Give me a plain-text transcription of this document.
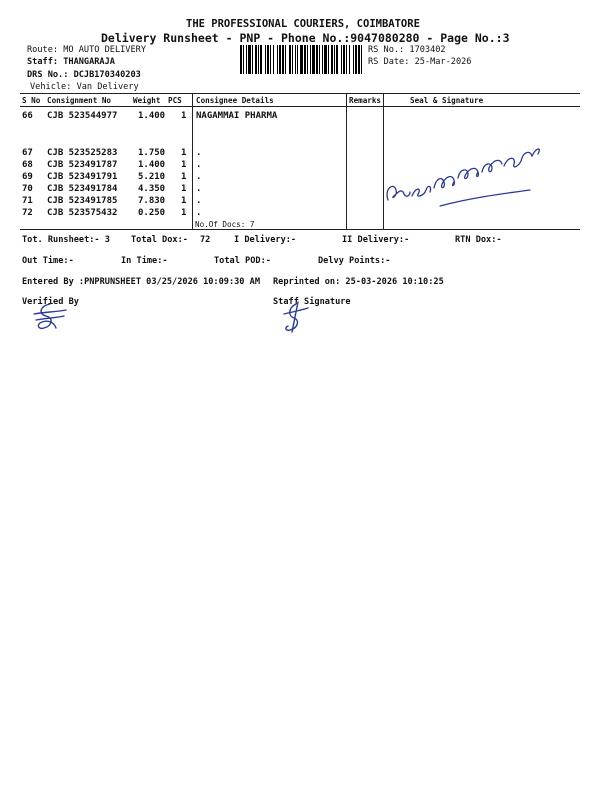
THE PROFESSIONAL COURIERS, COIMBATORE
Delivery Runsheet - PNP - Phone No.:9047080280 - Page No.:3
Route: MO AUTO DELIVERY
Staff: THANGARAJA
DRS No.: DCJB170340203
Vehicle: Van Delivery
RS No.: 1703402
RS Date: 25-Mar-2026
S No Consignment No	Weight PCS Consignee Details	Remarks	Seal & Signature
66 CJB 523544977 1.400 1 NAGAMMAI PHARMA
67 CJB 523525283 1.750 1 .
68 CJB 523491787 1.400 1 .
69 CJB 523491791 5.210 1 .
70 CJB 523491784 4.350 1 .
71 CJB 523491785 7.830 1 .
72 CJB 523575432 0.250 1 .
No.Of Docs: 7
Tot. Runsheet:- 3 Total Dox:- 72	I Delivery:-	II Delivery:-	RTN Dox:-
Out Time:-	In Time:-	Total POD:-	Delvy Points:-
Entered By :PNPRUNSHEET 03/25/2026 10:09:30 AM Reprinted on: 25-03-2026 10:10:25
Verified By	Staff Signature
